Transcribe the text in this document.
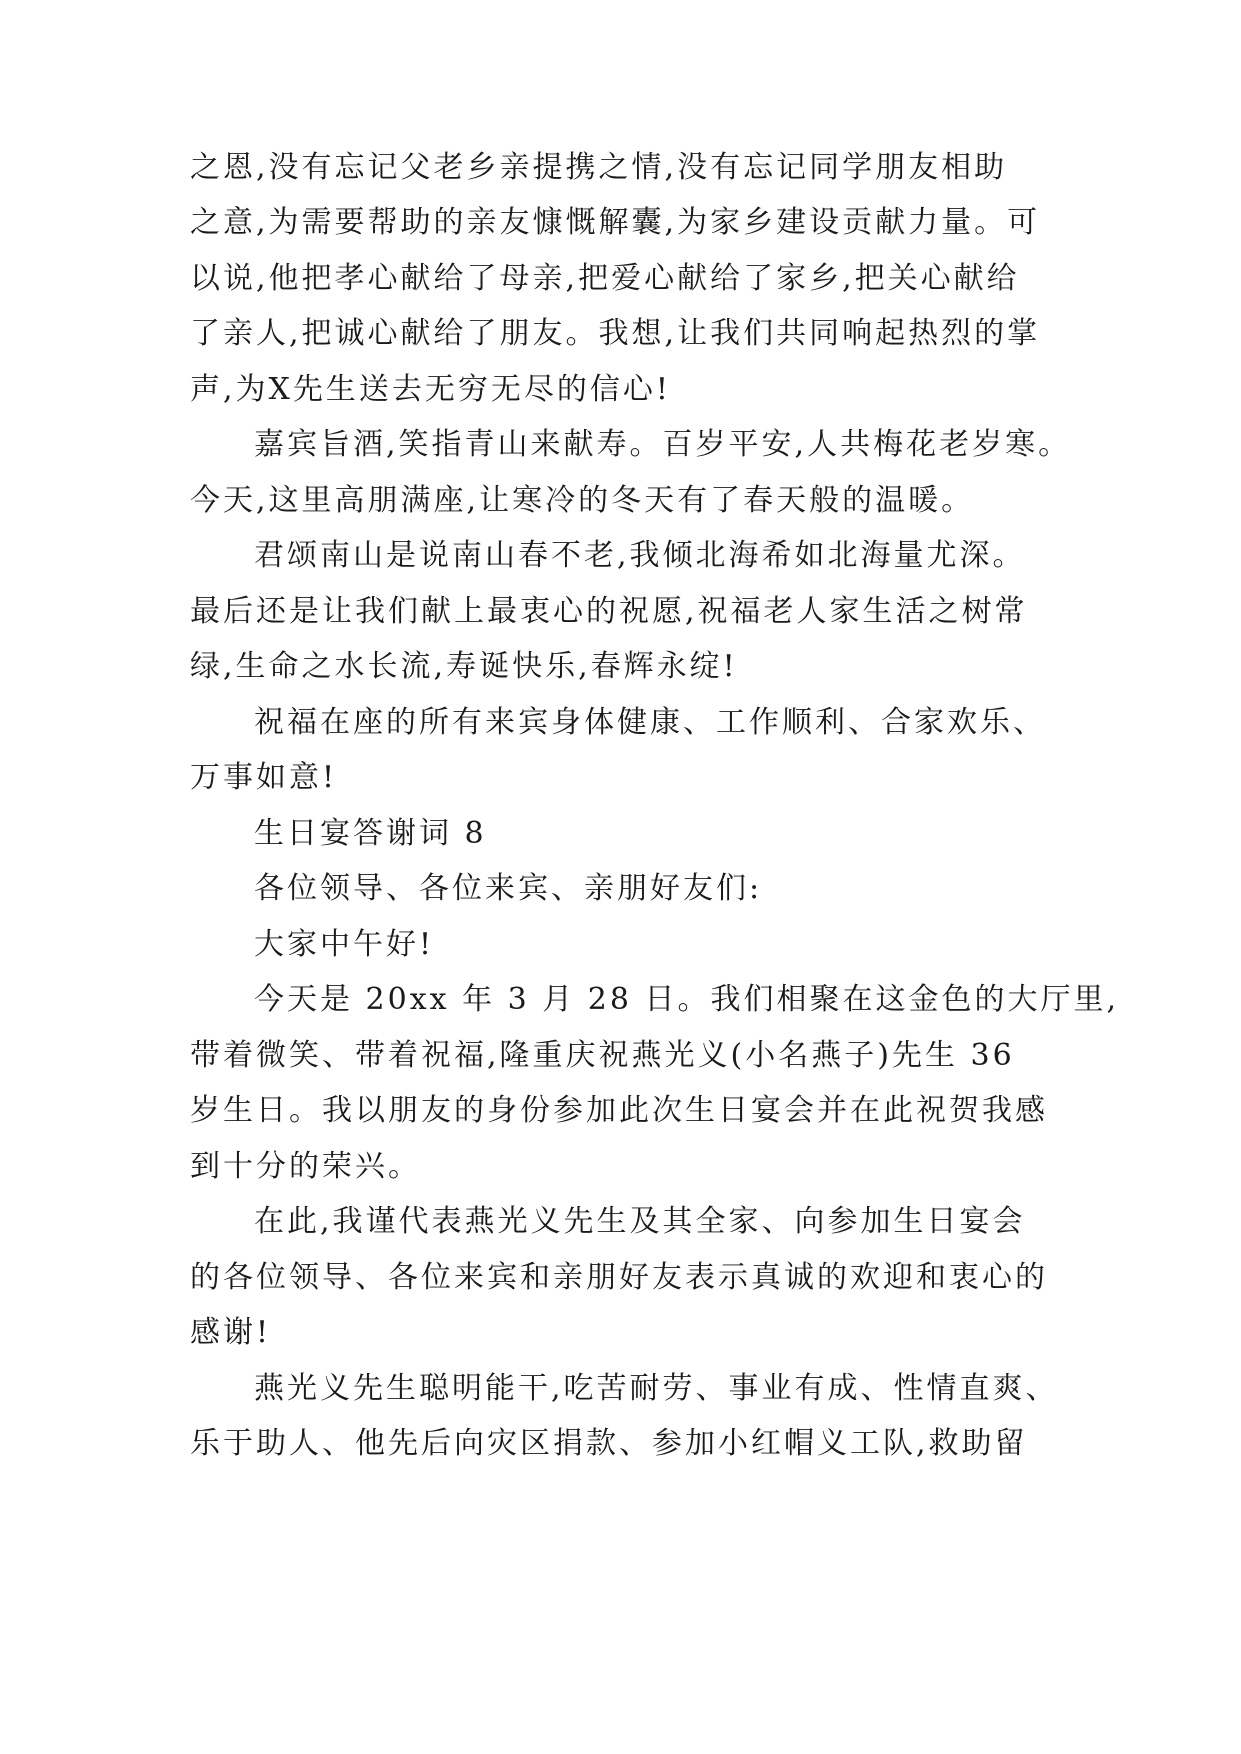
之恩,没有忘记父老乡亲提携之情,没有忘记同学朋友相助
之意,为需要帮助的亲友慷慨解囊,为家乡建设贡献力量。可
以说,他把孝心献给了母亲,把爱心献给了家乡,把关心献给
了亲人,把诚心献给了朋友。我想,让我们共同响起热烈的掌
声,为X先生送去无穷无尽的信心!
嘉宾旨酒,笑指青山来献寿。百岁平安,人共梅花老岁寒。
今天,这里高朋满座,让寒冷的冬天有了春天般的温暖。
君颂南山是说南山春不老,我倾北海希如北海量尤深。
最后还是让我们献上最衷心的祝愿,祝福老人家生活之树常
绿,生命之水长流,寿诞快乐,春辉永绽!
祝福在座的所有来宾身体健康、工作顺利、合家欢乐、
万事如意!
生日宴答谢词 8
各位领导、各位来宾、亲朋好友们:
大家中午好!
今天是 20xx 年 3 月 28 日。我们相聚在这金色的大厅里,
带着微笑、带着祝福,隆重庆祝燕光义(小名燕子)先生 36
岁生日。我以朋友的身份参加此次生日宴会并在此祝贺我感
到十分的荣兴。
在此,我谨代表燕光义先生及其全家、向参加生日宴会
的各位领导、各位来宾和亲朋好友表示真诚的欢迎和衷心的
感谢!
燕光义先生聪明能干,吃苦耐劳、事业有成、性情直爽、
乐于助人、他先后向灾区捐款、参加小红帽义工队,救助留
